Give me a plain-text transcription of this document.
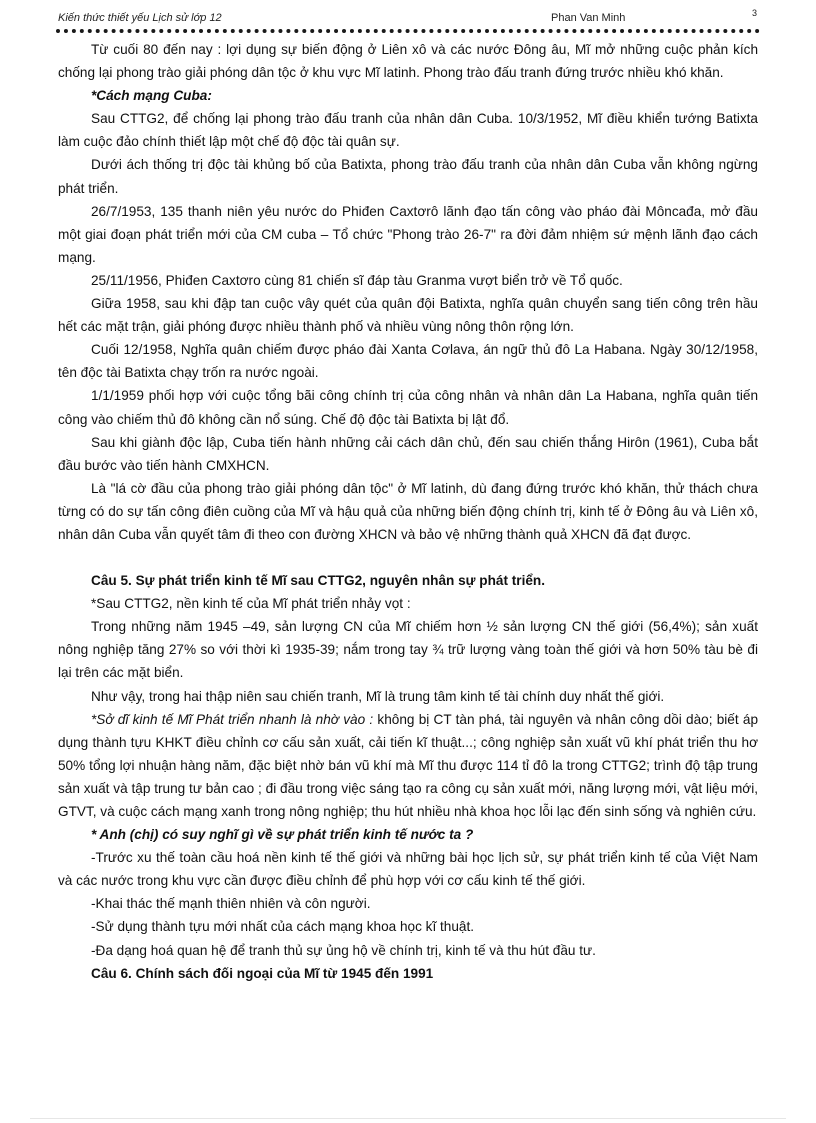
Kiến thức thiết yếu Lịch sử lớp 12	Phan Van Minh	3

Từ cuối 80 đến nay : lợi dụng sự biến động ở Liên xô và các nước Đông âu, Mĩ mở những cuộc phản kích chống lại phong trào giải phóng dân tộc ở khu vực Mĩ latinh. Phong trào đấu tranh đứng trước nhiều khó khăn.

*Cách mạng Cuba:

Sau CTTG2, để chống lại phong trào đấu tranh của nhân dân Cuba. 10/3/1952, Mĩ điều khiển tướng Batixta làm cuộc đảo chính thiết lập một chế độ độc tài quân sự.

Dưới ách thống trị độc tài khủng bố của Batixta, phong trào đấu tranh của nhân dân Cuba vẫn không ngừng phát triển.

26/7/1953, 135 thanh niên yêu nước do Phiđen Caxtơrô lãnh đạo tấn công vào pháo đài Môncađa, mở đầu một giai đoạn phát triển mới của CM cuba – Tổ chức "Phong trào 26-7" ra đời đảm nhiệm sứ mệnh lãnh đạo cách mạng.

25/11/1956, Phiđen Caxtơro cùng 81 chiến sĩ đáp tàu Granma vượt biển trở về Tổ quốc.

Giữa 1958, sau khi đập tan cuộc vây quét của quân đội Batixta, nghĩa quân chuyển sang tiến công trên hầu hết các mặt trận, giải phóng được nhiều thành phố và nhiều vùng nông thôn rộng lớn.

Cuối 12/1958, Nghĩa quân chiếm được pháo đài Xanta Cơlava, án ngữ thủ đô La Habana. Ngày 30/12/1958, tên độc tài Batixta chạy trốn ra nước ngoài.

1/1/1959 phối hợp với cuộc tổng bãi công chính trị của công nhân và nhân dân La Habana, nghĩa quân tiến công vào chiếm thủ đô không cần nổ súng. Chế độ độc tài Batixta bị lật đổ.

Sau khi giành độc lập, Cuba tiến hành những cải cách dân chủ, đến sau chiến thắng Hirôn (1961), Cuba bắt đầu bước vào tiến hành CMXHCN.

Là "lá cờ đầu của phong trào giải phóng dân tộc" ở Mĩ latinh, dù đang đứng trước khó khăn, thử thách chưa từng có do sự tấn công điên cuồng của Mĩ và hậu quả của những biến động chính trị, kinh tế ở Đông âu và Liên xô, nhân dân Cuba vẫn quyết tâm đi theo con đường XHCN và bảo vệ những thành quả XHCN đã đạt được.

Câu 5. Sự phát triển kinh tế Mĩ sau CTTG2, nguyên nhân sự phát triển.

*Sau CTTG2, nền kinh tế của Mĩ phát triển nhảy vọt :

Trong những năm 1945 –49, sản lượng CN của Mĩ chiếm hơn ½ sản lượng CN thế giới (56,4%); sản xuất nông nghiệp tăng 27% so với thời kì 1935-39; nắm trong tay ¾ trữ lượng vàng toàn thế giới và hơn 50% tàu bè đi lại trên các mặt biển.

Như vậy, trong hai thập niên sau chiến tranh, Mĩ là trung tâm kinh tế tài chính duy nhất thế giới.

*Sở dĩ kinh tế Mĩ Phát triển nhanh là nhờ vào : không bị CT tàn phá, tài nguyên và nhân công dồi dào; biết áp dụng thành tựu KHKT điều chỉnh cơ cấu sản xuất, cải tiến kĩ thuật...; công nghiệp sản xuất vũ khí phát triển thu hơ 50% tổng lợi nhuận hàng năm, đặc biệt nhờ bán vũ khí mà Mĩ thu được 114 tỉ đô la trong CTTG2; trình độ tập trung sản xuất và tập trung tư bản cao ; đi đầu trong việc sáng tạo ra công cụ sản xuất mới, năng lượng mới, vật liệu mới, GTVT, và cuộc cách mạng xanh trong nông nghiệp; thu hút nhiều nhà khoa học lỗi lạc đến sinh sống và nghiên cứu.

* Anh (chị) có suy nghĩ gì về sự phát triển kinh tế nước ta ?

-Trước xu thế toàn cầu hoá nền kinh tế thế giới và những bài học lịch sử, sự phát triển kinh tế của Việt Nam và các nước trong khu vực cần được điều chỉnh để phù hợp với cơ cấu kinh tế thế giới.

-Khai thác thế mạnh thiên nhiên và côn người.

-Sử dụng thành tựu mới nhất của cách mạng khoa học kĩ thuật.

-Đa dạng hoá quan hệ để tranh thủ sự ủng hộ về chính trị, kinh tế và thu hút đầu tư.

Câu 6. Chính sách đối ngoại của Mĩ từ 1945 đến 1991
